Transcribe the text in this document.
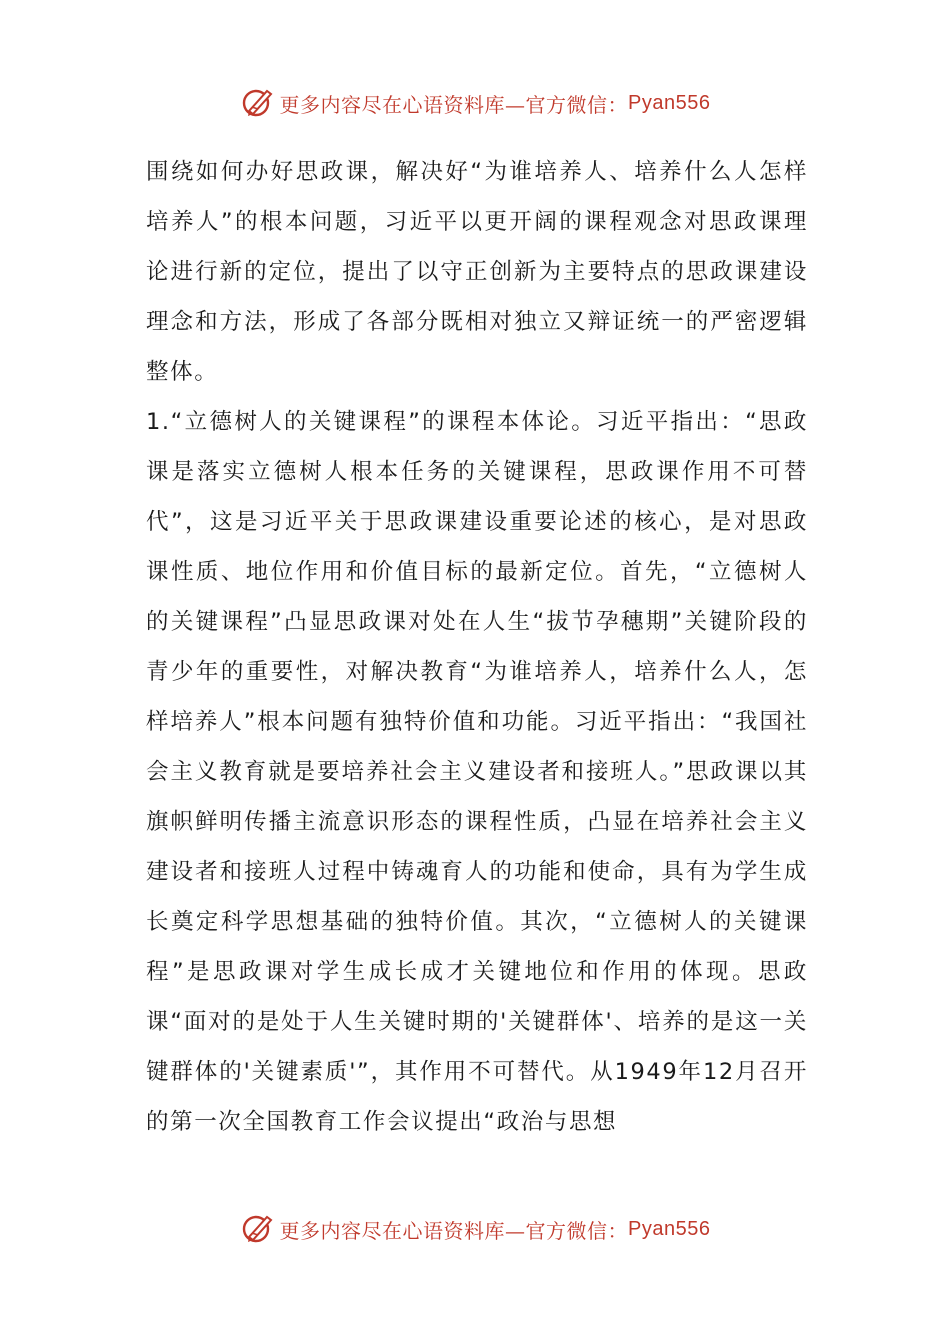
更多内容尽在心语资料库—官方微信： Pyan556

围绕如何办好思政课，解决好“为谁培养人、培养什么人怎样培养人”的根本问题，习近平以更开阔的课程观念对思政课理论进行新的定位，提出了以守正创新为主要特点的思政课建设理念和方法，形成了各部分既相对独立又辩证统一的严密逻辑整体。

1.“立德树人的关键课程”的课程本体论。习近平指出：“思政课是落实立德树人根本任务的关键课程，思政课作用不可替代”，这是习近平关于思政课建设重要论述的核心，是对思政课性质、地位作用和价值目标的最新定位。首先，“立德树人的关键课程”凸显思政课对处在人生“拔节孕穗期”关键阶段的青少年的重要性，对解决教育“为谁培养人，培养什么人，怎样培养人”根本问题有独特价值和功能。习近平指出：“我国社会主义教育就是要培养社会主义建设者和接班人。”思政课以其旗帜鲜明传播主流意识形态的课程性质，凸显在培养社会主义建设者和接班人过程中铸魂育人的功能和使命，具有为学生成长奠定科学思想基础的独特价值。其次，“立德树人的关键课程”是思政课对学生成长成才关键地位和作用的体现。思政课“面对的是处于人生关键时期的'关键群体'、培养的是这一关键群体的'关键素质'”，其作用不可替代。从1949年12月召开的第一次全国教育工作会议提出“政治与思想

更多内容尽在心语资料库—官方微信： Pyan556
